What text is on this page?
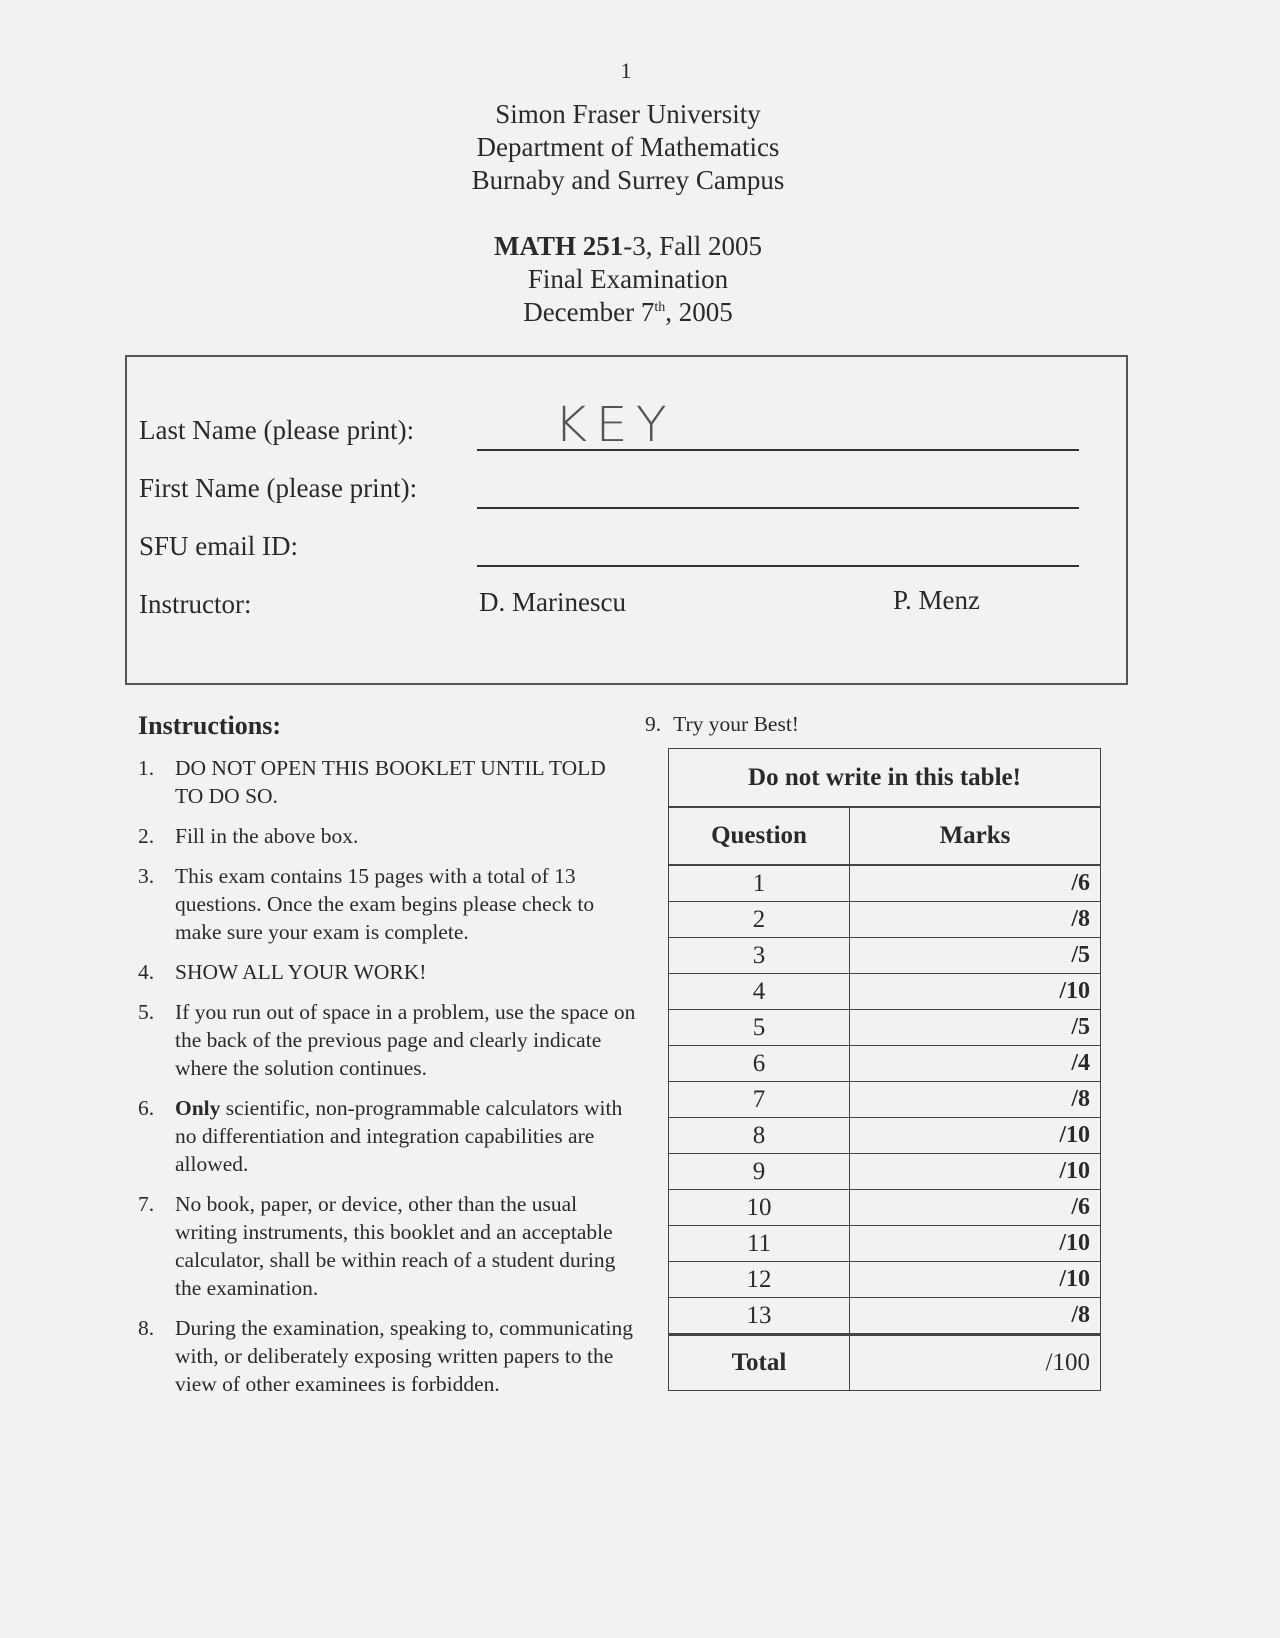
1
Simon Fraser University
Department of Mathematics
Burnaby and Surrey Campus
MATH 251-3, Fall 2005
Final Examination
December 7th, 2005
Last Name (please print):	KEY
First Name (please print):
SFU email ID:
Instructor:	D. Marinescu	P. Menz
Instructions:
1. DO NOT OPEN THIS BOOKLET UNTIL TOLD TO DO SO.
2. Fill in the above box.
3. This exam contains 15 pages with a total of 13 questions. Once the exam begins please check to make sure your exam is complete.
4. SHOW ALL YOUR WORK!
5. If you run out of space in a problem, use the space on the back of the previous page and clearly indicate where the solution continues.
6. Only scientific, non-programmable calculators with no differentiation and integration capabilities are allowed.
7. No book, paper, or device, other than the usual writing instruments, this booklet and an acceptable calculator, shall be within reach of a student during the examination.
8. During the examination, speaking to, communicating with, or deliberately exposing written papers to the view of other examinees is forbidden.
9. Try your Best!
Do not write in this table!	
Question	Marks
1	/6
2	/8
3	/5
4	/10
5	/5
6	/4
7	/8
8	/10
9	/10
10	/6
11	/10
12	/10
13	/8
Total	/100
